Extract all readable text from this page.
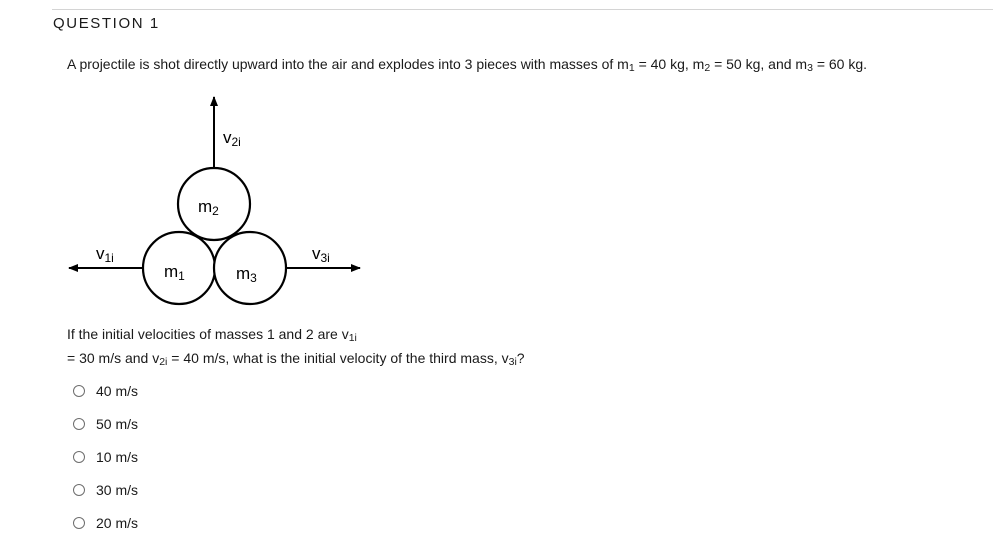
QUESTION 1
A projectile is shot directly upward into the air and explodes into 3 pieces with masses of $m_1 = 40$ kg, $m_2 = 50$ kg, and $m_3 = 60$ kg.
v2i
m2
v1i	v3i
m1	m3
If the initial velocities of masses 1 and 2 are $v_{1i}$
= 30 m/s and $v_{2i} = 40$ m/s, what is the initial velocity of the third mass, $v_{3i}$?
40 m/s
50 m/s
10 m/s
30 m/s
20 m/s
